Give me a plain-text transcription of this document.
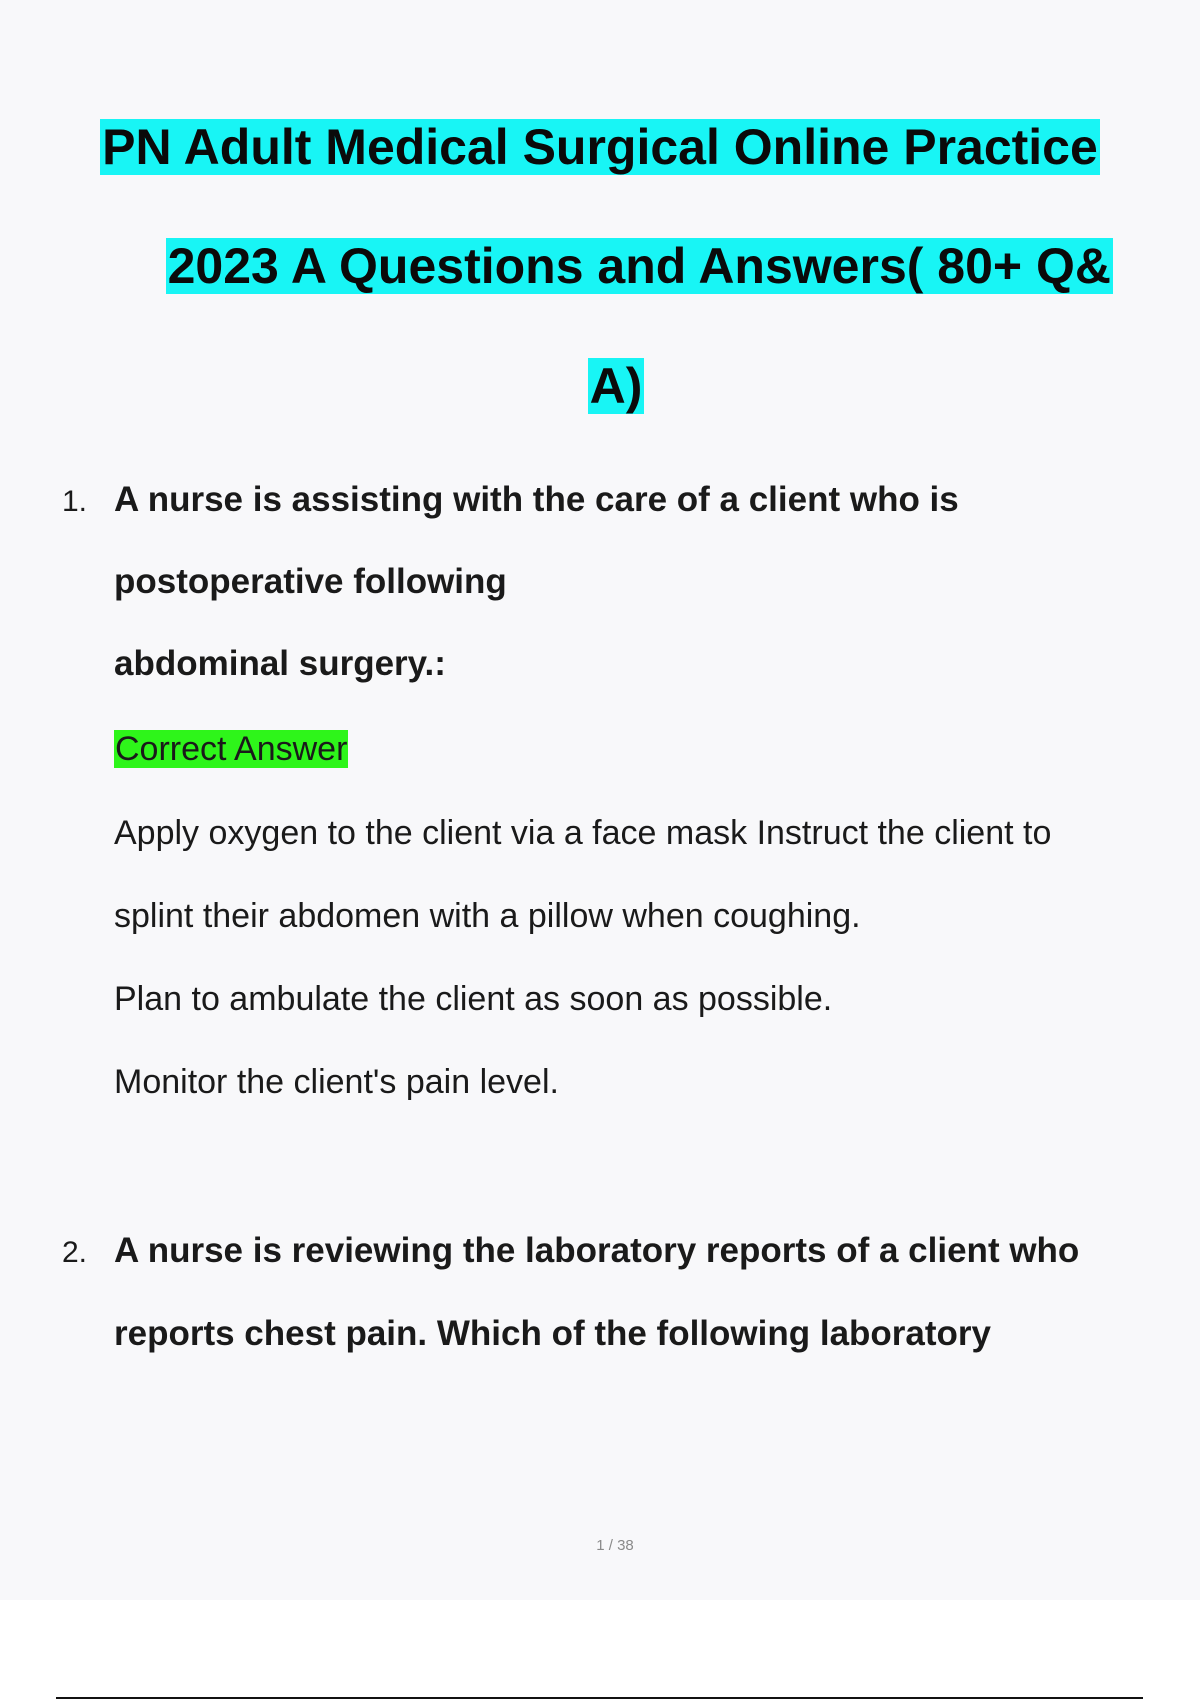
PN Adult Medical Surgical Online Practice
2023 A Questions and Answers( 80+ Q&
A)
1. A nurse is assisting with the care of a client who is
postoperative following
abdominal surgery.:
Correct Answer
Apply oxygen to the client via a face mask Instruct the client to
splint their abdomen with a pillow when coughing.
Plan to ambulate the client as soon as possible.
Monitor the client's pain level.
2. A nurse is reviewing the laboratory reports of a client who
reports chest pain. Which of the following laboratory
1 / 38
